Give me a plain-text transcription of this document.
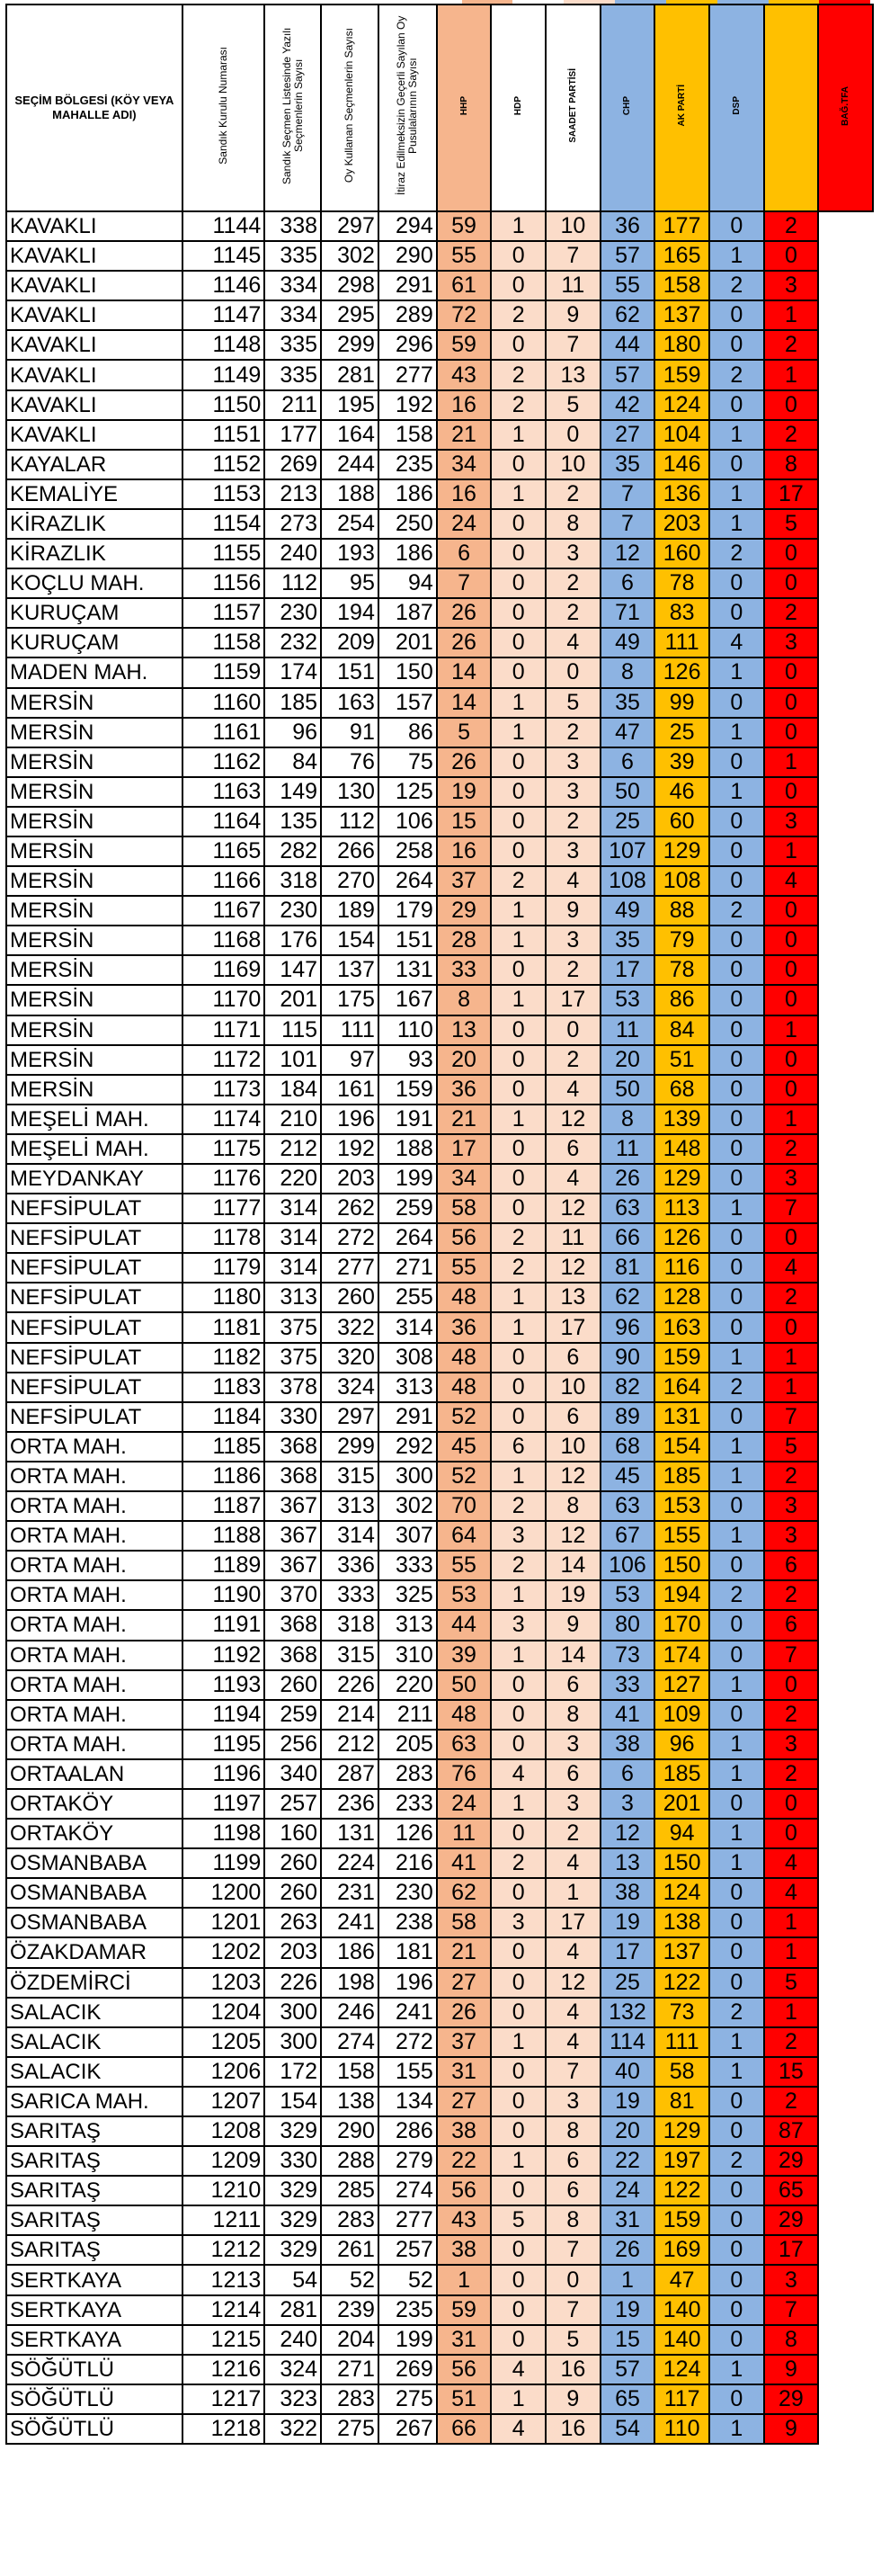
SEÇİM BÖLGESİ (KÖY VEYA MAHALLE ADI)	Sandık Kurulu Numarası	Sandık Seçmen Listesinde Yazılı Seçmenlerin Sayısı	Oy Kullanan Seçmenlerin Sayısı	İtiraz Edilmeksizin Geçerli Sayılan Oy Pusulalarının Sayısı	HHP	HDP	SAADET PARTİSİ	CHP	AK PARTİ	DSP		BAĞ.TFA
KAVAKLI	1144	338	297	294	59	1	10	36	177	0	2	
KAVAKLI	1145	335	302	290	55	0	7	57	165	1	0	
KAVAKLI	1146	334	298	291	61	0	11	55	158	2	3	
KAVAKLI	1147	334	295	289	72	2	9	62	137	0	1	
KAVAKLI	1148	335	299	296	59	0	7	44	180	0	2	
KAVAKLI	1149	335	281	277	43	2	13	57	159	2	1	
KAVAKLI	1150	211	195	192	16	2	5	42	124	0	0	
KAVAKLI	1151	177	164	158	21	1	0	27	104	1	2	
KAYALAR	1152	269	244	235	34	0	10	35	146	0	8	
KEMALİYE	1153	213	188	186	16	1	2	7	136	1	17	
KİRAZLIK	1154	273	254	250	24	0	8	7	203	1	5	
KİRAZLIK	1155	240	193	186	6	0	3	12	160	2	0	
KOÇLU MAH.	1156	112	95	94	7	0	2	6	78	0	0	
KURUÇAM	1157	230	194	187	26	0	2	71	83	0	2	
KURUÇAM	1158	232	209	201	26	0	4	49	111	4	3	
MADEN MAH.	1159	174	151	150	14	0	0	8	126	1	0	
MERSİN	1160	185	163	157	14	1	5	35	99	0	0	
MERSİN	1161	96	91	86	5	1	2	47	25	1	0	
MERSİN	1162	84	76	75	26	0	3	6	39	0	1	
MERSİN	1163	149	130	125	19	0	3	50	46	1	0	
MERSİN	1164	135	112	106	15	0	2	25	60	0	3	
MERSİN	1165	282	266	258	16	0	3	107	129	0	1	
MERSİN	1166	318	270	264	37	2	4	108	108	0	4	
MERSİN	1167	230	189	179	29	1	9	49	88	2	0	
MERSİN	1168	176	154	151	28	1	3	35	79	0	0	
MERSİN	1169	147	137	131	33	0	2	17	78	0	0	
MERSİN	1170	201	175	167	8	1	17	53	86	0	0	
MERSİN	1171	115	111	110	13	0	0	11	84	0	1	
MERSİN	1172	101	97	93	20	0	2	20	51	0	0	
MERSİN	1173	184	161	159	36	0	4	50	68	0	0	
MEŞELİ MAH.	1174	210	196	191	21	1	12	8	139	0	1	
MEŞELİ MAH.	1175	212	192	188	17	0	6	11	148	0	2	
MEYDANKAY	1176	220	203	199	34	0	4	26	129	0	3	
NEFSİPULAT	1177	314	262	259	58	0	12	63	113	1	7	
NEFSİPULAT	1178	314	272	264	56	2	11	66	126	0	0	
NEFSİPULAT	1179	314	277	271	55	2	12	81	116	0	4	
NEFSİPULAT	1180	313	260	255	48	1	13	62	128	0	2	
NEFSİPULAT	1181	375	322	314	36	1	17	96	163	0	0	
NEFSİPULAT	1182	375	320	308	48	0	6	90	159	1	1	
NEFSİPULAT	1183	378	324	313	48	0	10	82	164	2	1	
NEFSİPULAT	1184	330	297	291	52	0	6	89	131	0	7	
ORTA MAH.	1185	368	299	292	45	6	10	68	154	1	5	
ORTA MAH.	1186	368	315	300	52	1	12	45	185	1	2	
ORTA MAH.	1187	367	313	302	70	2	8	63	153	0	3	
ORTA MAH.	1188	367	314	307	64	3	12	67	155	1	3	
ORTA MAH.	1189	367	336	333	55	2	14	106	150	0	6	
ORTA MAH.	1190	370	333	325	53	1	19	53	194	2	2	
ORTA MAH.	1191	368	318	313	44	3	9	80	170	0	6	
ORTA MAH.	1192	368	315	310	39	1	14	73	174	0	7	
ORTA MAH.	1193	260	226	220	50	0	6	33	127	1	0	
ORTA MAH.	1194	259	214	211	48	0	8	41	109	0	2	
ORTA MAH.	1195	256	212	205	63	0	3	38	96	1	3	
ORTAALAN	1196	340	287	283	76	4	6	6	185	1	2	
ORTAKÖY	1197	257	236	233	24	1	3	3	201	0	0	
ORTAKÖY	1198	160	131	126	11	0	2	12	94	1	0	
OSMANBABA	1199	260	224	216	41	2	4	13	150	1	4	
OSMANBABA	1200	260	231	230	62	0	1	38	124	0	4	
OSMANBABA	1201	263	241	238	58	3	17	19	138	0	1	
ÖZAKDAMAR	1202	203	186	181	21	0	4	17	137	0	1	
ÖZDEMİRCİ	1203	226	198	196	27	0	12	25	122	0	5	
SALACIK	1204	300	246	241	26	0	4	132	73	2	1	
SALACIK	1205	300	274	272	37	1	4	114	111	1	2	
SALACIK	1206	172	158	155	31	0	7	40	58	1	15	
SARICA MAH.	1207	154	138	134	27	0	3	19	81	0	2	
SARITAŞ	1208	329	290	286	38	0	8	20	129	0	87	
SARITAŞ	1209	330	288	279	22	1	6	22	197	2	29	
SARITAŞ	1210	329	285	274	56	0	6	24	122	0	65	
SARITAŞ	1211	329	283	277	43	5	8	31	159	0	29	
SARITAŞ	1212	329	261	257	38	0	7	26	169	0	17	
SERTKAYA	1213	54	52	52	1	0	0	1	47	0	3	
SERTKAYA	1214	281	239	235	59	0	7	19	140	0	7	
SERTKAYA	1215	240	204	199	31	0	5	15	140	0	8	
SÖĞÜTLÜ	1216	324	271	269	56	4	16	57	124	1	9	
SÖĞÜTLÜ	1217	323	283	275	51	1	9	65	117	0	29	
SÖĞÜTLÜ	1218	322	275	267	66	4	16	54	110	1	9	
